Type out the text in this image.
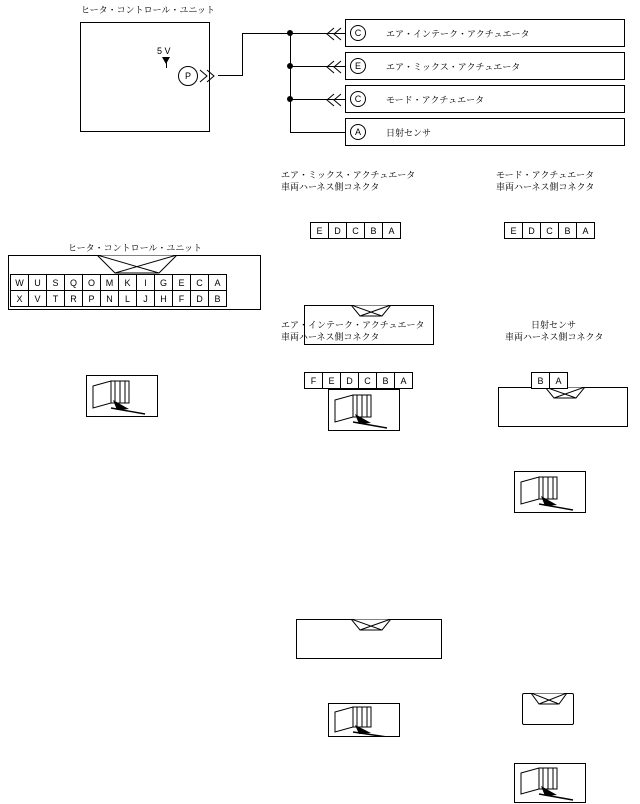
ヒータ・コントロール・ユニット
5 V
P
エア・インテーク・アクチュエータ
C
エア・ミックス・アクチュエータ
E
モード・アクチュエータ
C
日射センサ
A
ヒータ・コントロール・ユニット
W	U	S	Q	O	M	K	I	G	E	C	A
X	V	T	R	P	N	L	J	H	F	D	B
エア・ミックス・アクチュエータ
車両ハーネス側コネクタ
E	D	C	B	A
モード・アクチュエータ
車両ハーネス側コネクタ
E	D	C	B	A
エア・インテーク・アクチュエータ
車両ハーネス側コネクタ
F	E	D	C	B	A
日射センサ
車両ハーネス側コネクタ
B	A
